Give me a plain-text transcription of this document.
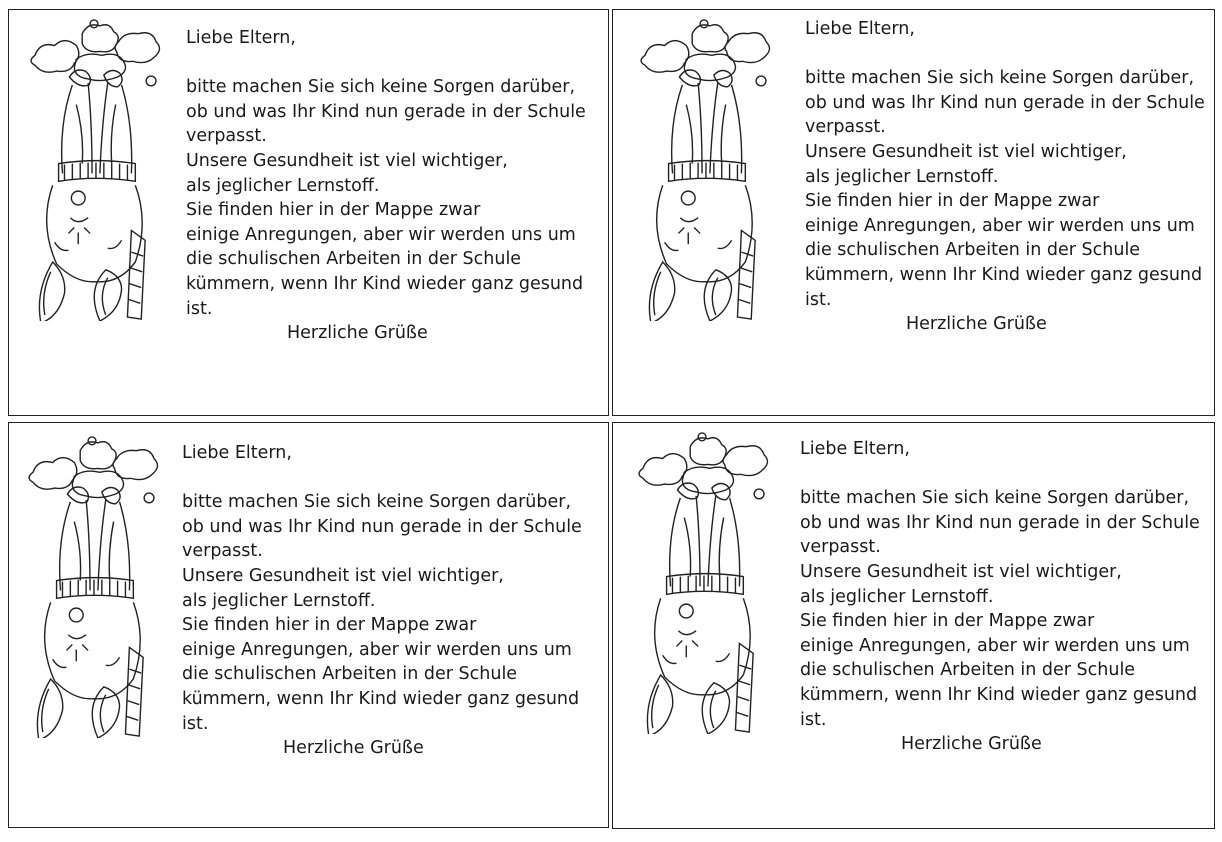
Liebe Eltern,
bitte machen Sie sich keine Sorgen darüber,
ob und was Ihr Kind nun gerade in der Schule
verpasst.
Unsere Gesundheit ist viel wichtiger,
als jeglicher Lernstoff.
Sie finden hier in der Mappe zwar
einige Anregungen, aber wir werden uns um
die schulischen Arbeiten in der Schule
kümmern, wenn Ihr Kind wieder ganz gesund
ist.
Herzliche Grüße
Liebe Eltern,
bitte machen Sie sich keine Sorgen darüber,
ob und was Ihr Kind nun gerade in der Schule
verpasst.
Unsere Gesundheit ist viel wichtiger,
als jeglicher Lernstoff.
Sie finden hier in der Mappe zwar
einige Anregungen, aber wir werden uns um
die schulischen Arbeiten in der Schule
kümmern, wenn Ihr Kind wieder ganz gesund
ist.
Herzliche Grüße
Liebe Eltern,
bitte machen Sie sich keine Sorgen darüber,
ob und was Ihr Kind nun gerade in der Schule
verpasst.
Unsere Gesundheit ist viel wichtiger,
als jeglicher Lernstoff.
Sie finden hier in der Mappe zwar
einige Anregungen, aber wir werden uns um
die schulischen Arbeiten in der Schule
kümmern, wenn Ihr Kind wieder ganz gesund
ist.
Herzliche Grüße
Liebe Eltern,
bitte machen Sie sich keine Sorgen darüber,
ob und was Ihr Kind nun gerade in der Schule
verpasst.
Unsere Gesundheit ist viel wichtiger,
als jeglicher Lernstoff.
Sie finden hier in der Mappe zwar
einige Anregungen, aber wir werden uns um
die schulischen Arbeiten in der Schule
kümmern, wenn Ihr Kind wieder ganz gesund
ist.
Herzliche Grüße
